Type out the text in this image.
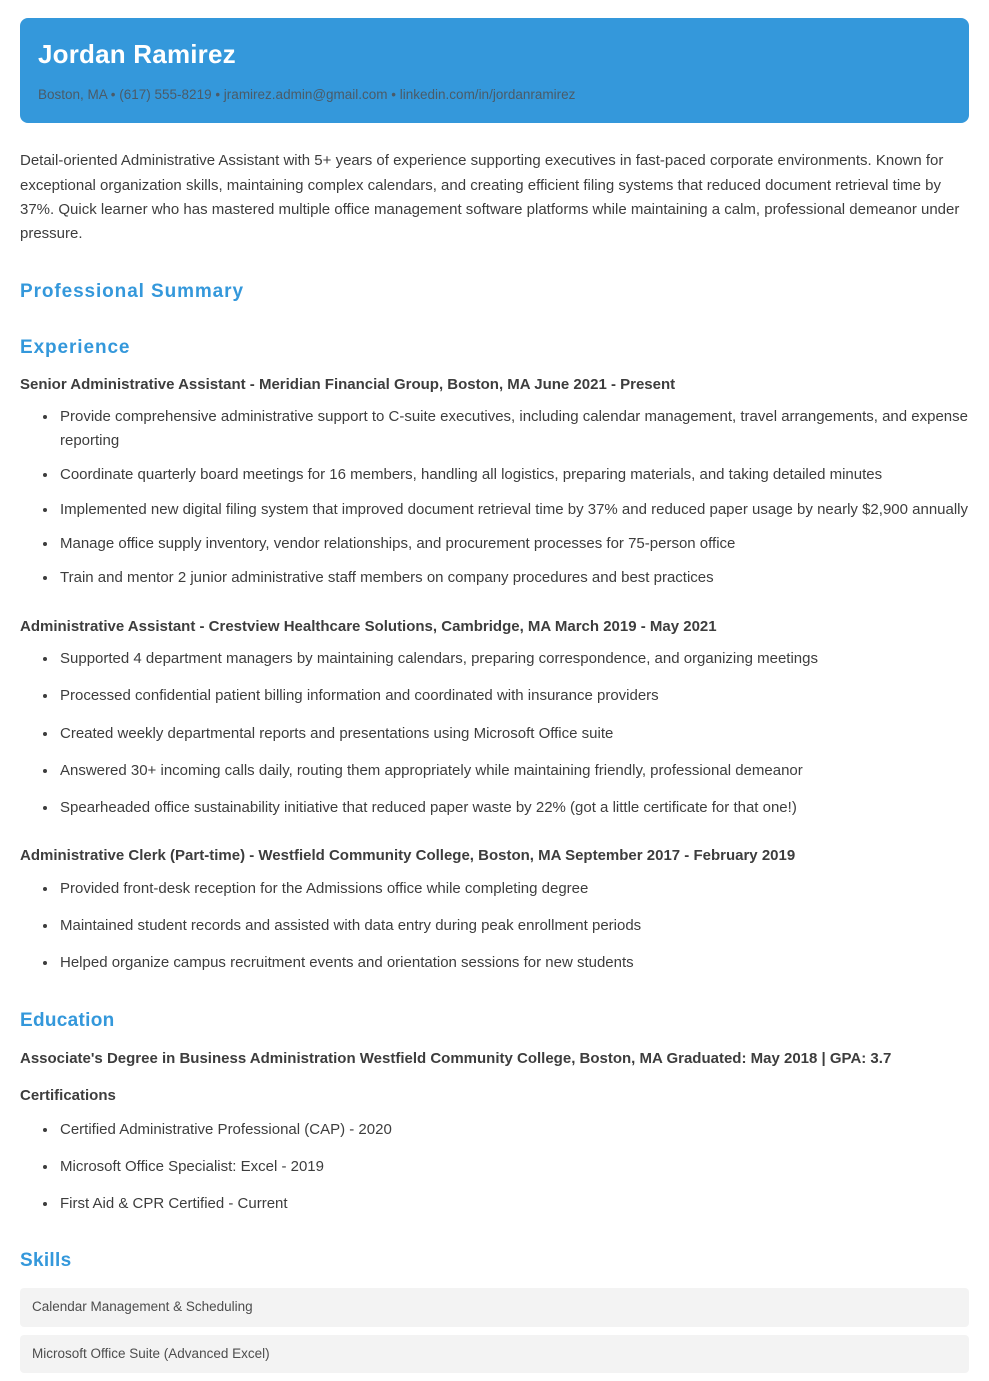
Jordan Ramirez
Boston, MA • (617) 555-8219 • jramirez.admin@gmail.com • linkedin.com/in/jordanramirez

Detail-oriented Administrative Assistant with 5+ years of experience supporting executives in fast-paced corporate environments. Known for exceptional organization skills, maintaining complex calendars, and creating efficient filing systems that reduced document retrieval time by 37%. Quick learner who has mastered multiple office management software platforms while maintaining a calm, professional demeanor under pressure.

Professional Summary
Experience
Senior Administrative Assistant - Meridian Financial Group, Boston, MA June 2021 - Present
• Provide comprehensive administrative support to C-suite executives, including calendar management, travel arrangements, and expense reporting
• Coordinate quarterly board meetings for 16 members, handling all logistics, preparing materials, and taking detailed minutes
• Implemented new digital filing system that improved document retrieval time by 37% and reduced paper usage by nearly $2,900 annually
• Manage office supply inventory, vendor relationships, and procurement processes for 75-person office
• Train and mentor 2 junior administrative staff members on company procedures and best practices
Administrative Assistant - Crestview Healthcare Solutions, Cambridge, MA March 2019 - May 2021
• Supported 4 department managers by maintaining calendars, preparing correspondence, and organizing meetings
• Processed confidential patient billing information and coordinated with insurance providers
• Created weekly departmental reports and presentations using Microsoft Office suite
• Answered 30+ incoming calls daily, routing them appropriately while maintaining friendly, professional demeanor
• Spearheaded office sustainability initiative that reduced paper waste by 22% (got a little certificate for that one!)
Administrative Clerk (Part-time) - Westfield Community College, Boston, MA September 2017 - February 2019
• Provided front-desk reception for the Admissions office while completing degree
• Maintained student records and assisted with data entry during peak enrollment periods
• Helped organize campus recruitment events and orientation sessions for new students
Education
Associate's Degree in Business Administration Westfield Community College, Boston, MA Graduated: May 2018 | GPA: 3.7
Certifications
• Certified Administrative Professional (CAP) - 2020
• Microsoft Office Specialist: Excel - 2019
• First Aid & CPR Certified - Current
Skills
Calendar Management & Scheduling
Microsoft Office Suite (Advanced Excel)
